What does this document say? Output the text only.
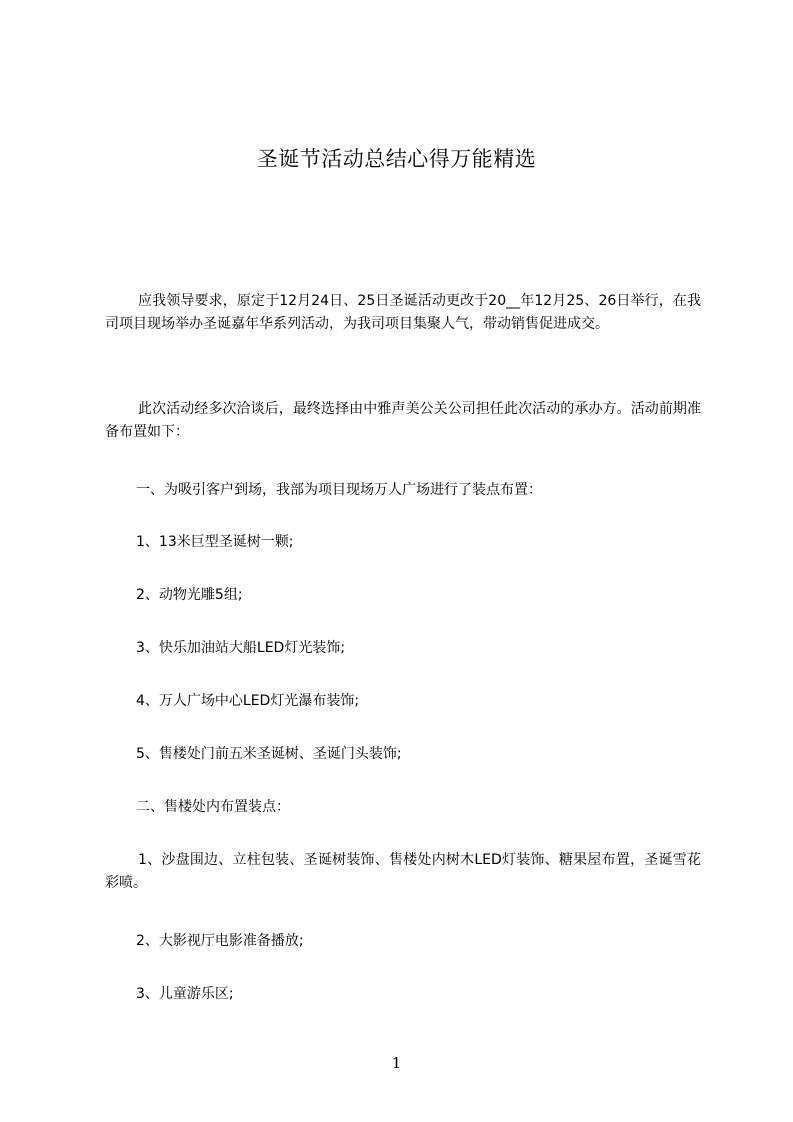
圣诞节活动总结心得万能精选
应我领导要求，原定于12月24日、25日圣诞活动更改于20__年12月25、26日举行，在我司项目现场举办圣诞嘉年华系列活动，为我司项目集聚人气，带动销售促进成交。
此次活动经多次洽谈后，最终选择由中雅声美公关公司担任此次活动的承办方。活动前期准备布置如下：
一、为吸引客户到场，我部为项目现场万人广场进行了装点布置：
1、13米巨型圣诞树一颗;
2、动物光雕5组;
3、快乐加油站大船LED灯光装饰;
4、万人广场中心LED灯光瀑布装饰;
5、售楼处门前五米圣诞树、圣诞门头装饰;
二、售楼处内布置装点：
1、沙盘围边、立柱包装、圣诞树装饰、售楼处内树木LED灯装饰、糖果屋布置，圣诞雪花彩喷。
2、大影视厅电影准备播放;
3、儿童游乐区;
1
